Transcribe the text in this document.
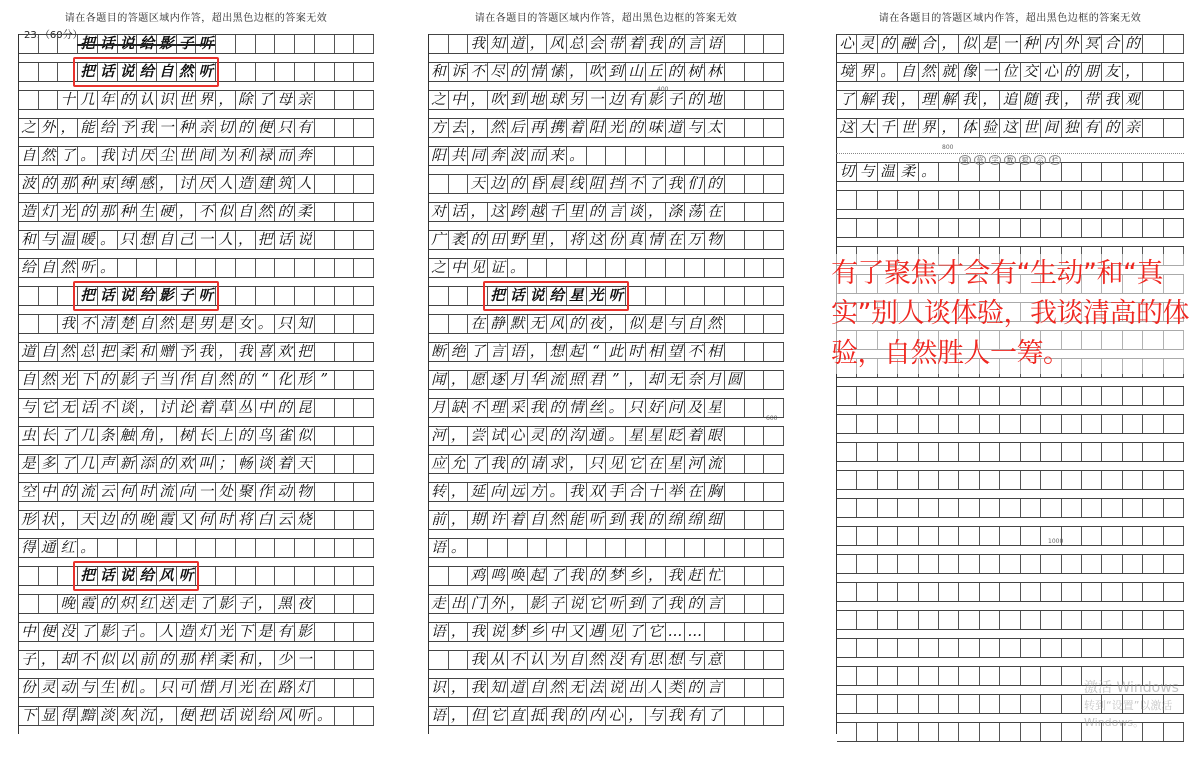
请在各题目的答题区域内作答，超出黑色边框的答案无效
23.（60分）
把 话 说 给 自 然 听
十 几 年 的 认 识 世 界 ， 除 了 母 亲
之 外 ， 能 给 予 我 一 种 亲 切 的 便 只 有
自 然 了 。 我 讨 厌 尘 世 间 为 利 禄 而 奔
波 的 那 种 束 缚 感 ， 讨 厌 人 造 建 筑 人
造 灯 光 的 那 种 生 硬 ， 不 似 自 然 的 柔
和 与 温 暖 。 只 想 自 己 一 人 ， 把 话 说
给 自 然 听 。
把 话 说 给 影 子 听
我 不 清 楚 自 然 是 男 是 女 。 只 知
道 自 然 总 把 柔 和 赠 予 我 ， 我 喜 欢 把
自 然 光 下 的 影 子 当 作 自 然 的 “ 化 形 ”
与 它 无 话 不 谈 ， 讨 论 着 草 丛 中 的 昆
虫 长 了 几 条 触 角 ， 树 长 上 的 鸟 雀 似
是 多 了 几 声 新 添 的 欢 叫 ； 畅 谈 着 天
空 中 的 流 云 何 时 流 向 一 处 聚 作 动 物
形 状 ， 天 边 的 晚 霞 又 何 时 将 白 云 烧
得 通 红 。
把 话 说 给 风 听
晚 霞 的 炽 红 送 走 了 影 子 ， 黑 夜
中 便 没 了 影 子 。 人 造 灯 光 下 是 有 影
子 ， 却 不 似 以 前 的 那 样 柔 和 ， 少 一
份 灵 动 与 生 机 。 只 可 惜 月 光 在 路 灯
下 显 得 黯 淡 灰 沉 ， 便 把 话 说 给 风 听 。
请在各题目的答题区域内作答，超出黑色边框的答案无效
400
600
我 知 道 ， 风 总 会 带 着 我 的 言 语
和 诉 不 尽 的 情 愫 ， 吹 到 山 丘 的 树 林
之 中 ， 吹 到 地 球 另 一 边 有 影 子 的 地
方 去 ， 然 后 再 携 着 阳 光 的 味 道 与 太
阳 共 同 奔 波 而 来 。
天 边 的 昏 晨 线 阻 挡 不 了 我 们 的
对 话 ， 这 跨 越 千 里 的 言 谈 ， 涤 荡 在
广 袤 的 田 野 里 ， 将 这 份 真 情 在 万 物
之 中 见 证 。
把 话 说 给 星 光 听
在 静 默 无 风 的 夜 ， 似 是 与 自 然
断 绝 了 言 语 ， 想 起 “ 此 时 相 望 不 相
闻 ， 愿 逐 月 华 流 照 君 ” ， 却 无 奈 月 圆
月 缺 不 理 采 我 的 情 丝 。 只 好 问 及 星
河 ， 尝 试 心 灵 的 沟 通 。 星 星 眨 着 眼
应 允 了 我 的 请 求 ， 只 见 它 在 星 河 流
转 ， 延 向 远 方 。 我 双 手 合 十 举 在 胸
前 ， 期 许 着 自 然 能 听 到 我 的 绵 绵 细
语 。
鸡 鸣 唤 起 了 我 的 梦 乡 ， 我 赶 忙
走 出 门 外 ， 影 子 说 它 听 到 了 我 的 言
语 ， 我 说 梦 乡 中 又 遇 见 了 它 … …
我 从 不 认 为 自 然 没 有 思 想 与 意
识 ， 我 知 道 自 然 无 法 说 出 人 类 的 言
语 ， 但 它 直 抵 我 的 内 心 ， 与 我 有 了
请在各题目的答题区域内作答，超出黑色边框的答案无效
800
1000
心 灵 的 融 合 ， 似 是 一 种 内 外 冥 合 的
境 界 。 自 然 就 像 一 位 交 心 的 朋 友 ，
了 解 我 ， 理 解 我 ， 追 随 我 ， 带 我 观
这 大 千 世 界 ， 体 验 这 世 间 独 有 的 亲
切 与 温 柔 。
鼎	倍	字	数	提	示	栏
有了聚焦才会有“生动”和“真实”别人谈体验，我谈清高的体验，自然胜人一筹。
激活 Windows
转到“设置”以激活 Windows。
